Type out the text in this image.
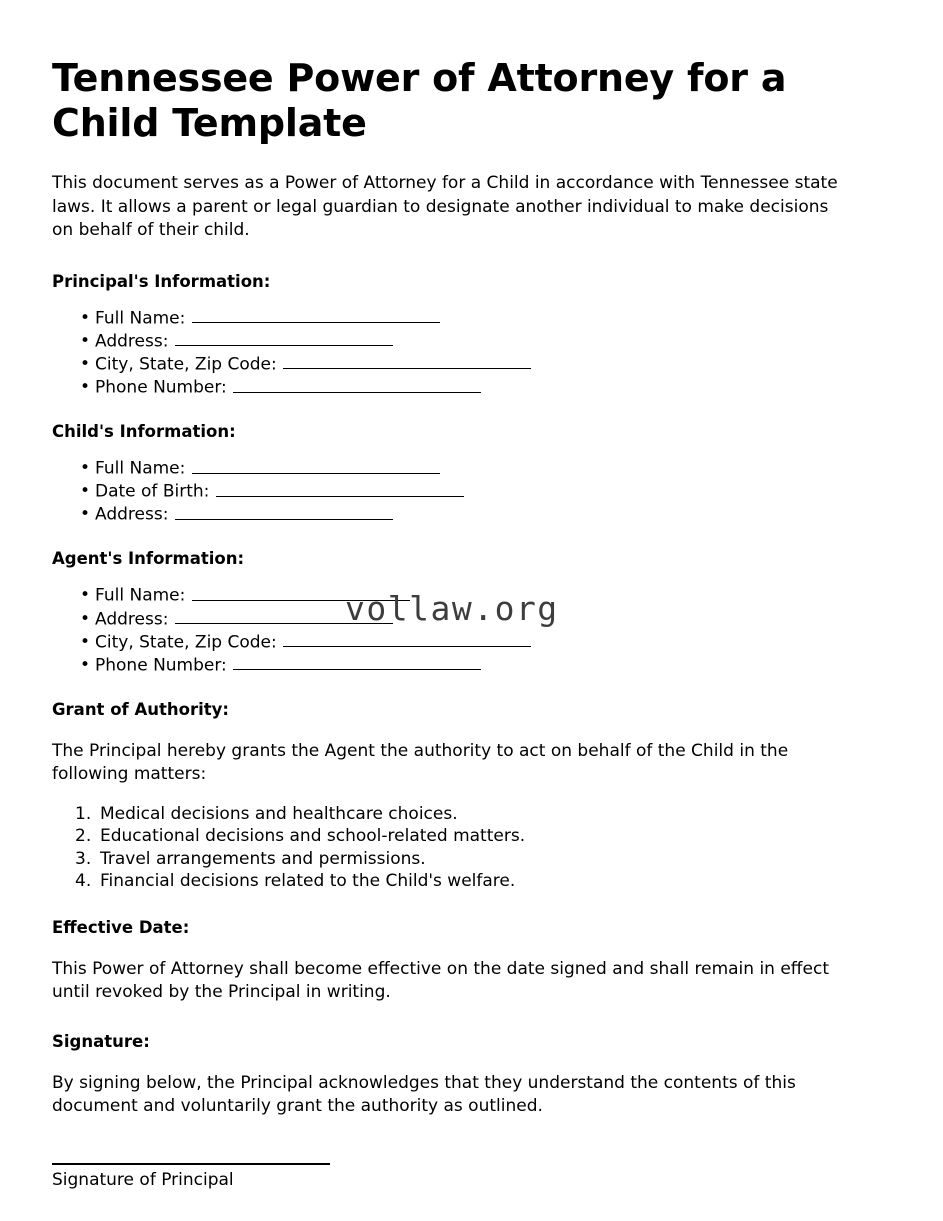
Tennessee Power of Attorney for a Child Template

This document serves as a Power of Attorney for a Child in accordance with Tennessee state laws. It allows a parent or legal guardian to designate another individual to make decisions on behalf of their child.

Principal's Information:
• Full Name:
• Address:
• City, State, Zip Code:
• Phone Number:
Child's Information:
• Full Name:
• Date of Birth:
• Address:
Agent's Information:
• Full Name:
• Address:
• City, State, Zip Code:
• Phone Number:
Grant of Authority:

The Principal hereby grants the Agent the authority to act on behalf of the Child in the following matters:

Medical decisions and healthcare choices.
Educational decisions and school-related matters.
Travel arrangements and permissions.
Financial decisions related to the Child's welfare.
Effective Date:

This Power of Attorney shall become effective on the date signed and shall remain in effect until revoked by the Principal in writing.

Signature:

By signing below, the Principal acknowledges that they understand the contents of this document and voluntarily grant the authority as outlined.

Signature of Principal
vollaw.org
